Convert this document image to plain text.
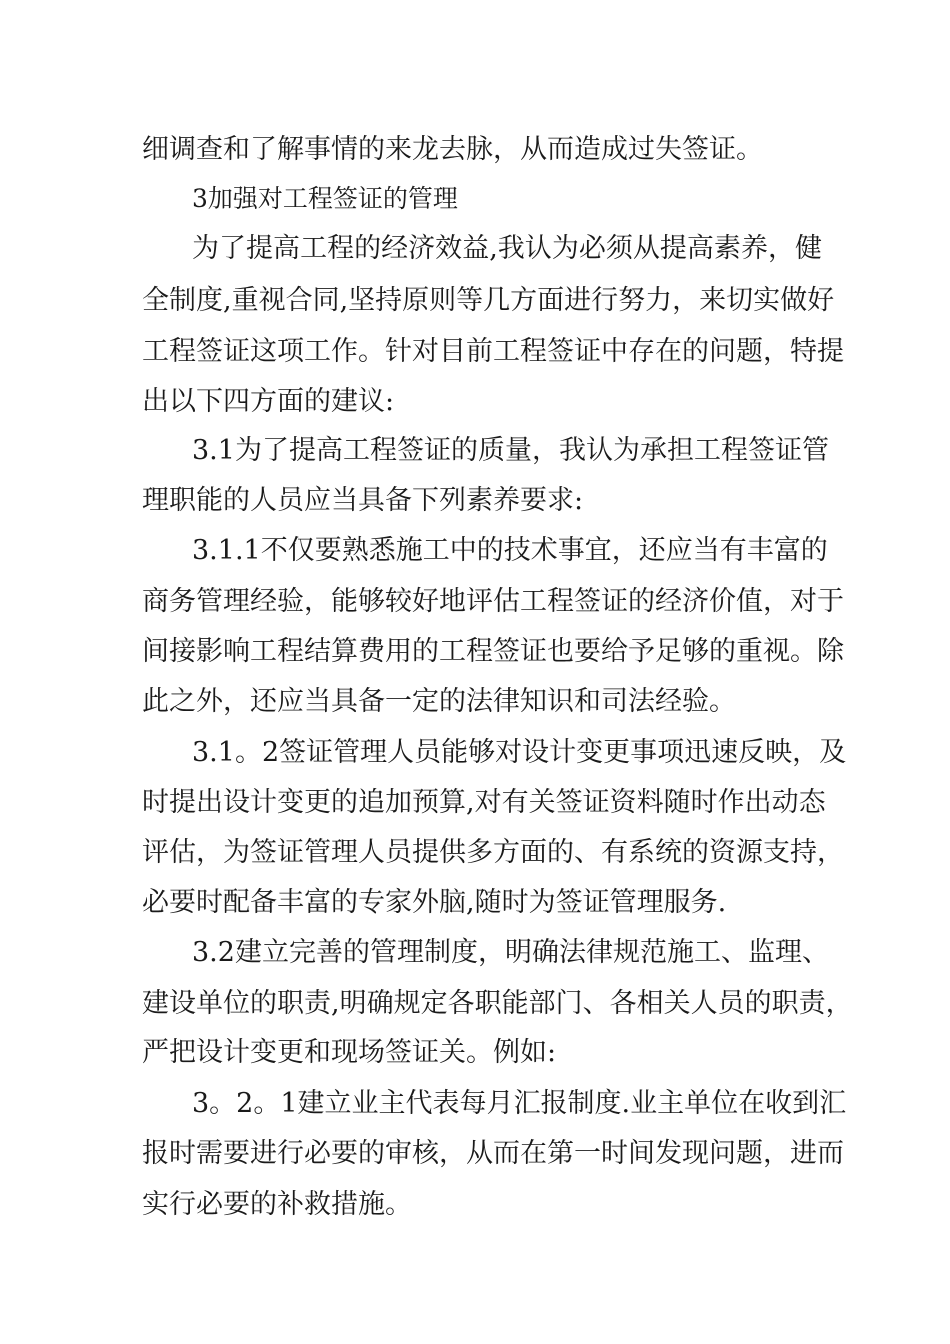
细调查和了解事情的来龙去脉，从而造成过失签证。
3加强对工程签证的管理
为了提高工程的经济效益,我认为必须从提高素养，健
全制度,重视合同,坚持原则等几方面进行努力，来切实做好
工程签证这项工作。针对目前工程签证中存在的问题，特提
出以下四方面的建议:
3.1为了提高工程签证的质量，我认为承担工程签证管
理职能的人员应当具备下列素养要求:
3.1.1不仅要熟悉施工中的技术事宜，还应当有丰富的
商务管理经验，能够较好地评估工程签证的经济价值，对于
间接影响工程结算费用的工程签证也要给予足够的重视。除
此之外，还应当具备一定的法律知识和司法经验。
3.1。2签证管理人员能够对设计变更事项迅速反映，及
时提出设计变更的追加预算,对有关签证资料随时作出动态
评估，为签证管理人员提供多方面的、有系统的资源支持，
必要时配备丰富的专家外脑,随时为签证管理服务.
3.2建立完善的管理制度，明确法律规范施工、监理、
建设单位的职责,明确规定各职能部门、各相关人员的职责，
严把设计变更和现场签证关。例如:
3。2。1建立业主代表每月汇报制度.业主单位在收到汇
报时需要进行必要的审核，从而在第一时间发现问题，进而
实行必要的补救措施。
